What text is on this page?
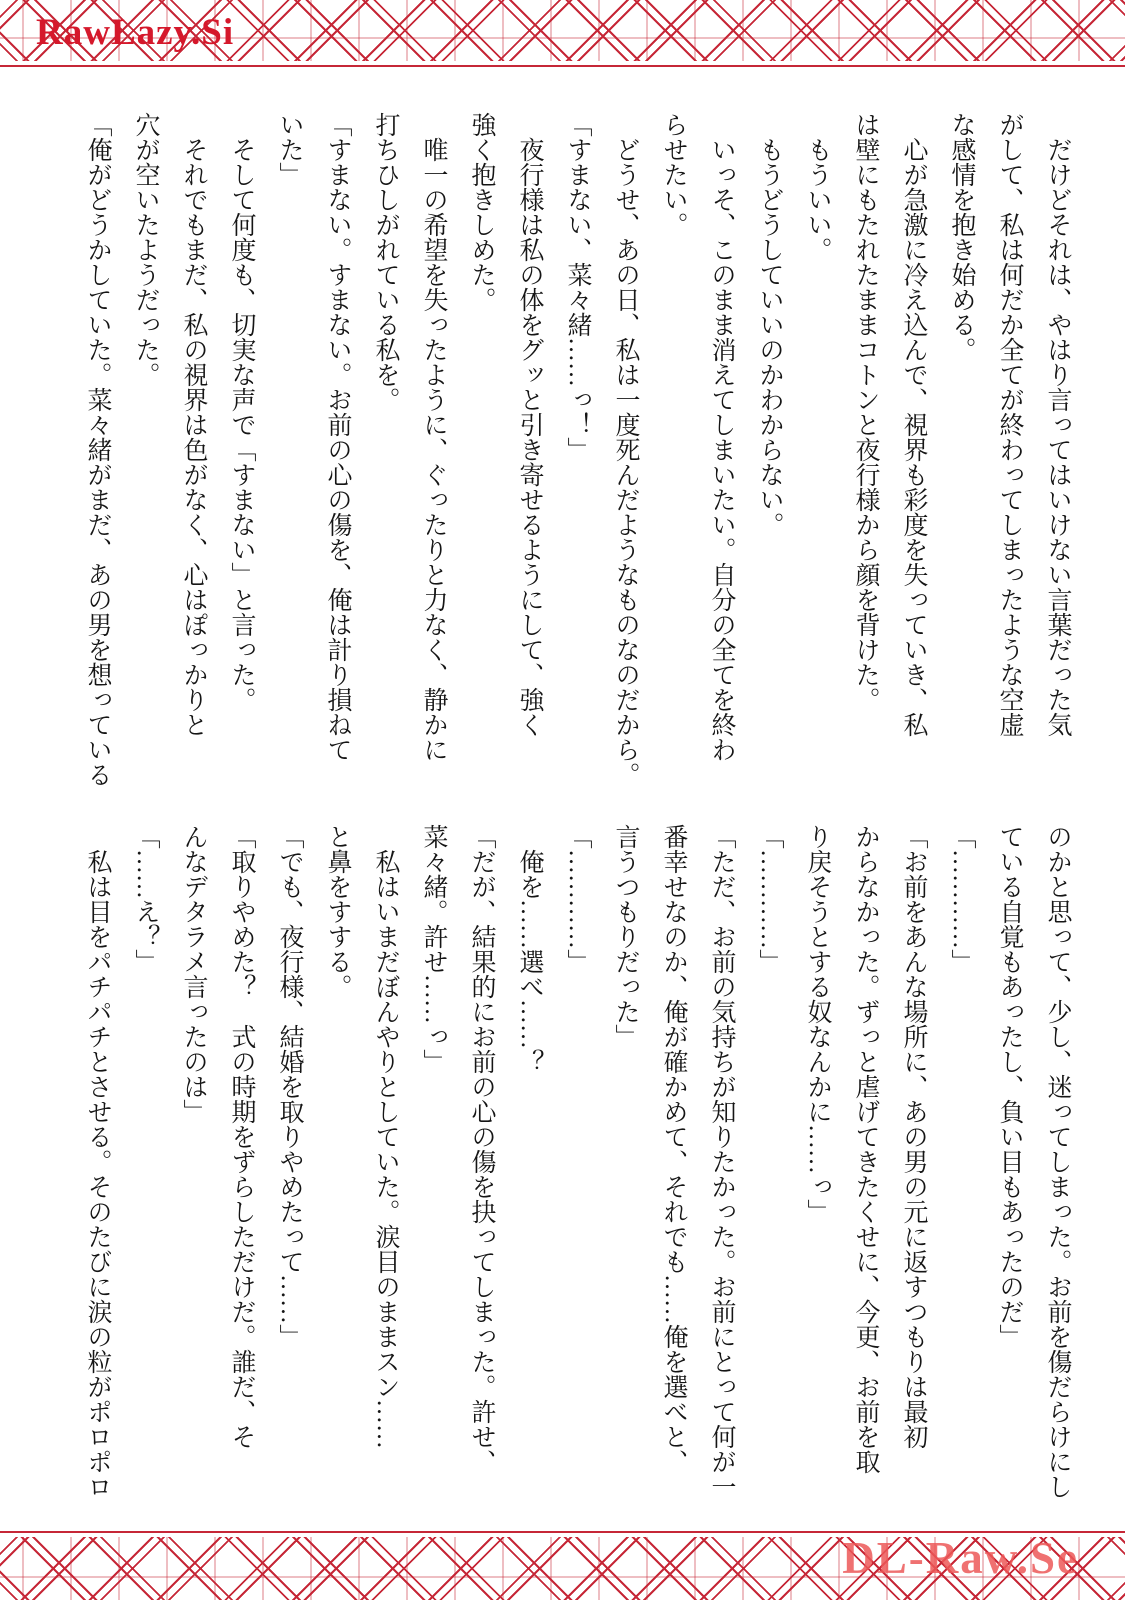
RawLazy.Si
だけどそれは、やはり言ってはいけない言葉だった気
がして、私は何だか全てが終わってしまったような空虚
な感情を抱き始める。
心が急激に冷え込んで、視界も彩度を失っていき、私
は壁にもたれたままコトンと夜行様から顔を背けた。
もういい。
もうどうしていいのかわからない。
いっそ、このまま消えてしまいたい。自分の全てを終わ
らせたい。
どうせ、あの日、私は一度死んだようなものなのだから。
「すまない、菜々緒……っ！」
夜行様は私の体をグッと引き寄せるようにして、強く
強く抱きしめた。
唯一の希望を失ったように、ぐったりと力なく、静かに
打ちひしがれている私を。
「すまない。すまない。お前の心の傷を、俺は計り損ねて
いた」
そして何度も、切実な声で「すまない」と言った。
それでもまだ、私の視界は色がなく、心はぽっかりと
穴が空いたようだった。
「俺がどうかしていた。菜々緒がまだ、あの男を想っている
のかと思って、少し、迷ってしまった。お前を傷だらけにし
ている自覚もあったし、負い目もあったのだ」
「…………」
「お前をあんな場所に、あの男の元に返すつもりは最初
からなかった。ずっと虐げてきたくせに、今更、お前を取
り戻そうとする奴なんかに……っ」
「…………」
「ただ、お前の気持ちが知りたかった。お前にとって何が一
番幸せなのか、俺が確かめて、それでも……俺を選べと、
言うつもりだった」
「…………」
俺を……選べ……？
「だが、結果的にお前の心の傷を抉ってしまった。許せ、
菜々緒。許せ……っ」
私はいまだぼんやりとしていた。涙目のままスン……
と鼻をすする。
「でも、夜行様、結婚を取りやめたって……」
「取りやめた？　式の時期をずらしただけだ。誰だ、そ
んなデタラメ言ったのは」
「……え？」
私は目をパチパチとさせる。そのたびに涙の粒がポロポロ
DL-Raw.Se
